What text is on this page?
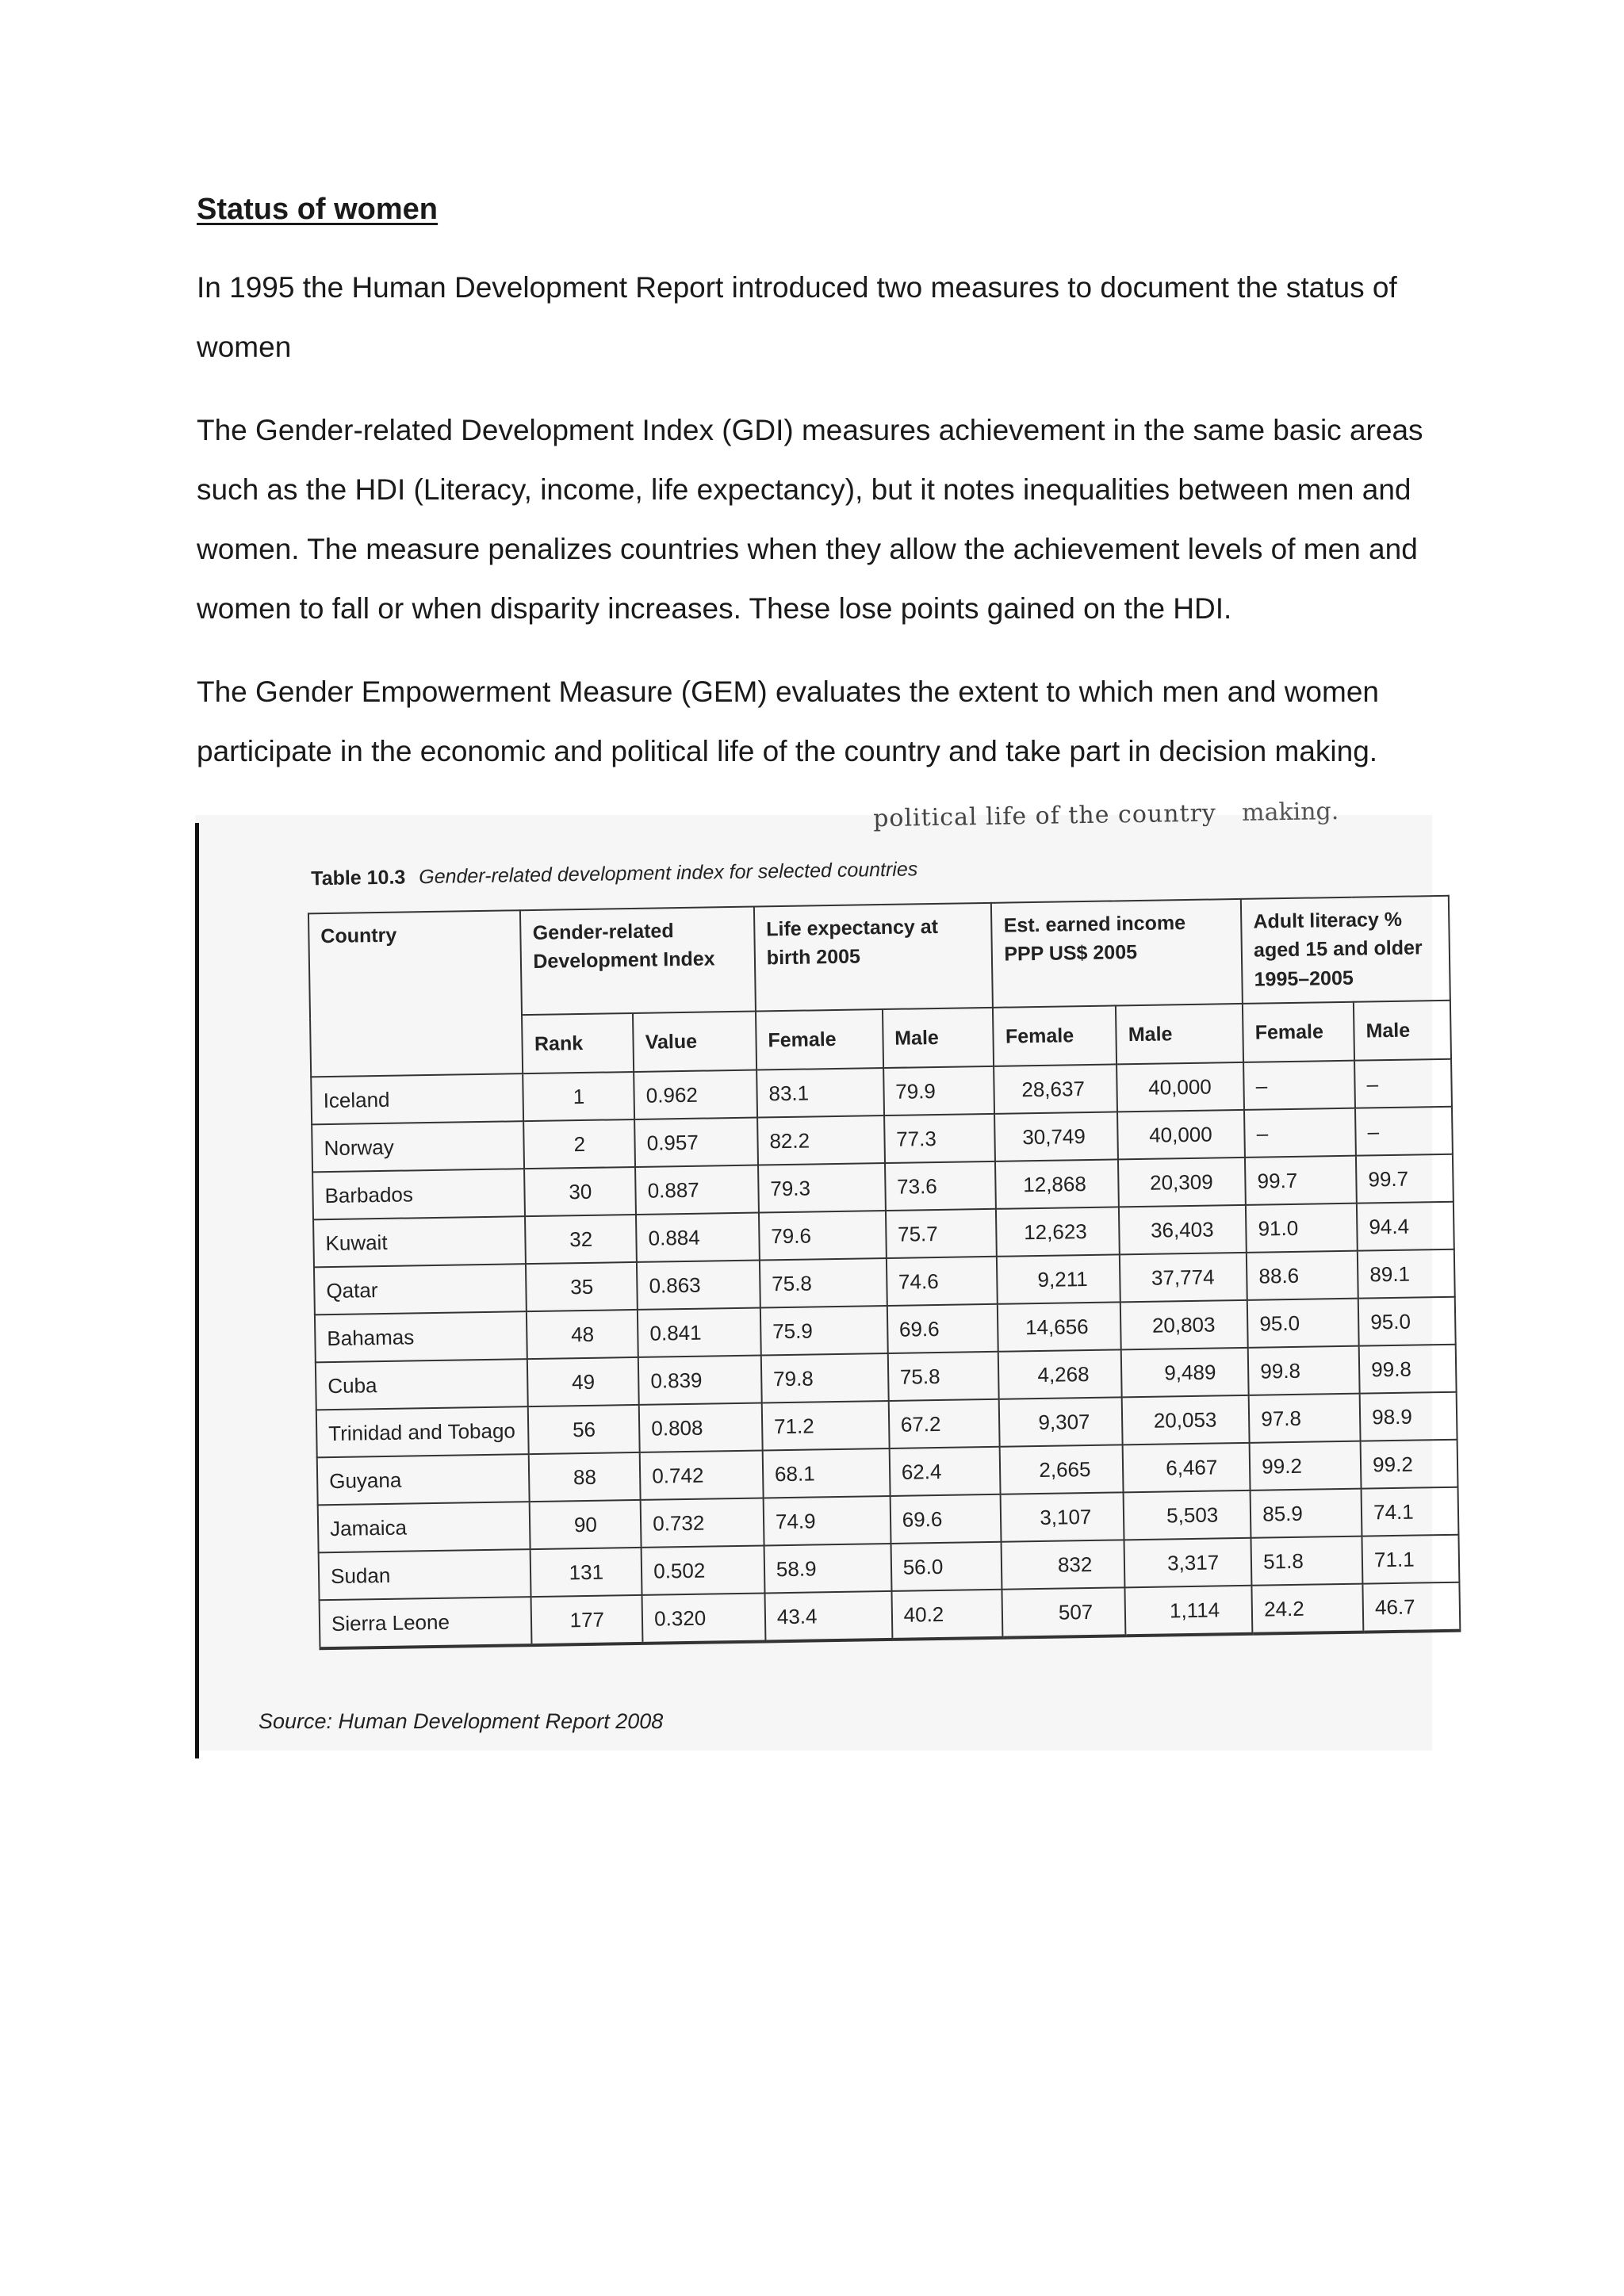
Status of women

In 1995 the Human Development Report introduced two measures to document the status of women

The Gender-related Development Index (GDI) measures achievement in the same basic areas such as the HDI (Literacy, income, life expectancy), but it notes inequalities between men and women. The measure penalizes countries when they allow the achievement levels of men and women to fall or when disparity increases. These lose points gained on the HDI.

The Gender Empowerment Measure (GEM) evaluates the extent to which men and women participate in the economic and political life of the country and take part in decision making.

political life of the country making.
Table 10.3 Gender-related development index for selected countries
Country	Gender-related Development Index		Life expectancy at birth 2005		Est. earned income PPP US$ 2005		Adult literacy % aged 15 and older 1995–2005	
	Rank	Value	Female	Male	Female	Male	Female	Male
Iceland	1	0.962	83.1	79.9	28,637	40,000	–	–
Norway	2	0.957	82.2	77.3	30,749	40,000	–	–
Barbados	30	0.887	79.3	73.6	12,868	20,309	99.7	99.7
Kuwait	32	0.884	79.6	75.7	12,623	36,403	91.0	94.4
Qatar	35	0.863	75.8	74.6	9,211	37,774	88.6	89.1
Bahamas	48	0.841	75.9	69.6	14,656	20,803	95.0	95.0
Cuba	49	0.839	79.8	75.8	4,268	9,489	99.8	99.8
Trinidad and Tobago	56	0.808	71.2	67.2	9,307	20,053	97.8	98.9
Guyana	88	0.742	68.1	62.4	2,665	6,467	99.2	99.2
Jamaica	90	0.732	74.9	69.6	3,107	5,503	85.9	74.1
Sudan	131	0.502	58.9	56.0	832	3,317	51.8	71.1
Sierra Leone	177	0.320	43.4	40.2	507	1,114	24.2	46.7
Source: Human Development Report 2008
